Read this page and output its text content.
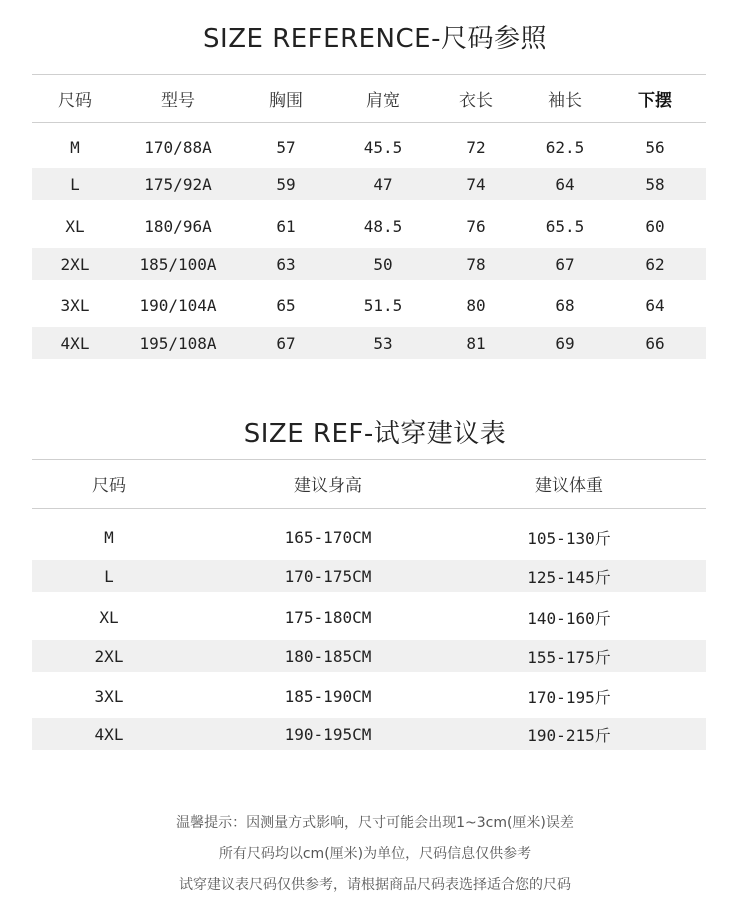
SIZE REFERENCE-尺码参照
尺码	型号	胸围	肩宽	衣长	袖长	下摆
M	170/88A	57	45.5	72	62.5	56
L	175/92A	59	47	74	64	58
XL	180/96A	61	48.5	76	65.5	60
2XL	185/100A	63	50	78	67	62
3XL	190/104A	65	51.5	80	68	64
4XL	195/108A	67	53	81	69	66
SIZE REF-试穿建议表
尺码	建议身高	建议体重
M	165-170CM	105-130斤
L	170-175CM	125-145斤
XL	175-180CM	140-160斤
2XL	180-185CM	155-175斤
3XL	185-190CM	170-195斤
4XL	190-195CM	190-215斤
温馨提示：因测量方式影响，尺寸可能会出现1~3cm(厘米)误差
所有尺码均以cm(厘米)为单位，尺码信息仅供参考
试穿建议表尺码仅供参考，请根据商品尺码表选择适合您的尺码
